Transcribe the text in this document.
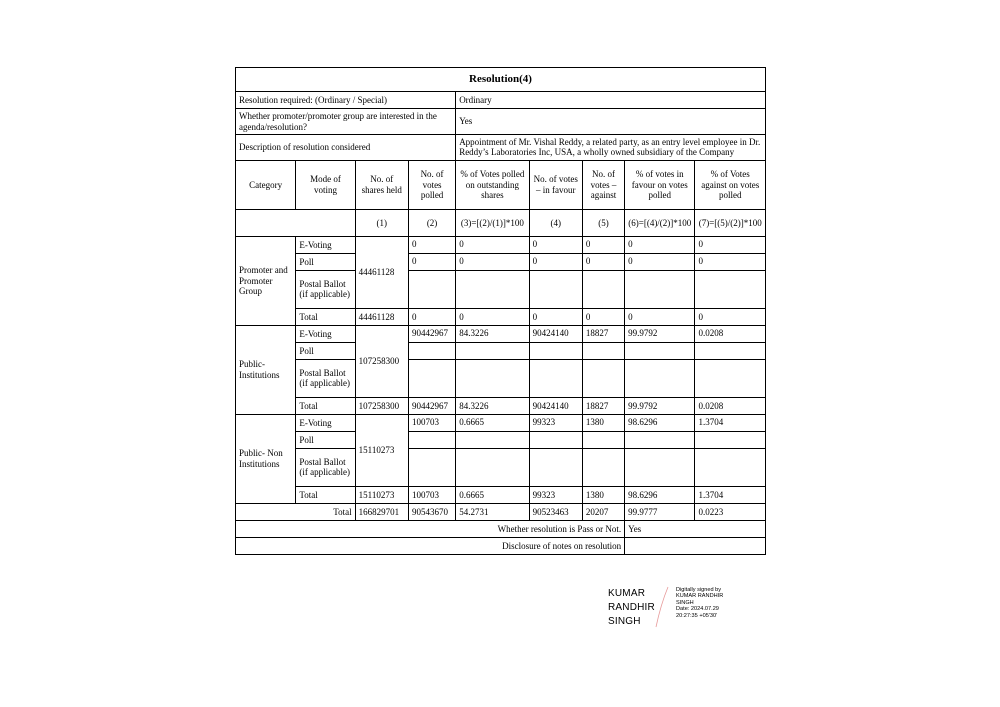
Resolution(4)								
Resolution required: (Ordinary / Special)				Ordinary				
Whether promoter/promoter group are interested in the agenda/resolution?				Yes				
Description of resolution considered				Appointment of Mr. Vishal Reddy, a related party, as an entry level employee in Dr. Reddy’s Laboratories Inc, USA, a wholly owned subsidiary of the Company				
Category	Mode of voting	No. of shares held	No. of votes polled	% of Votes polled on outstanding shares	No. of votes – in favour	No. of votes – against	% of votes in favour on votes polled	% of Votes against on votes polled
		(1)	(2)	(3)=[(2)/(1)]*100	(4)	(5)	(6)=[(4)/(2)]*100	(7)=[(5)/(2)]*100
Promoter and Promoter Group	E-Voting	44461128	0	0	0	0	0	0
	Poll		0	0	0	0	0	0
	Postal Ballot (if applicable)							
	Total	44461128	0	0	0	0	0	0
Public- Institutions	E-Voting	107258300	90442967	84.3226	90424140	18827	99.9792	0.0208
	Poll							
	Postal Ballot (if applicable)							
	Total	107258300	90442967	84.3226	90424140	18827	99.9792	0.0208
Public- Non Institutions	E-Voting	15110273	100703	0.6665	99323	1380	98.6296	1.3704
	Poll							
	Postal Ballot (if applicable)							
	Total	15110273	100703	0.6665	99323	1380	98.6296	1.3704
Total		166829701	90543670	54.2731	90523463	20207	99.9777	0.0223
Whether resolution is Pass or Not.							Yes	
Disclosure of notes on resolution								
KUMAR
RANDHIR
SINGH
Digitally signed by
KUMAR RANDHIR
SINGH
Date: 2024.07.29
20:27:35 +05'30'
